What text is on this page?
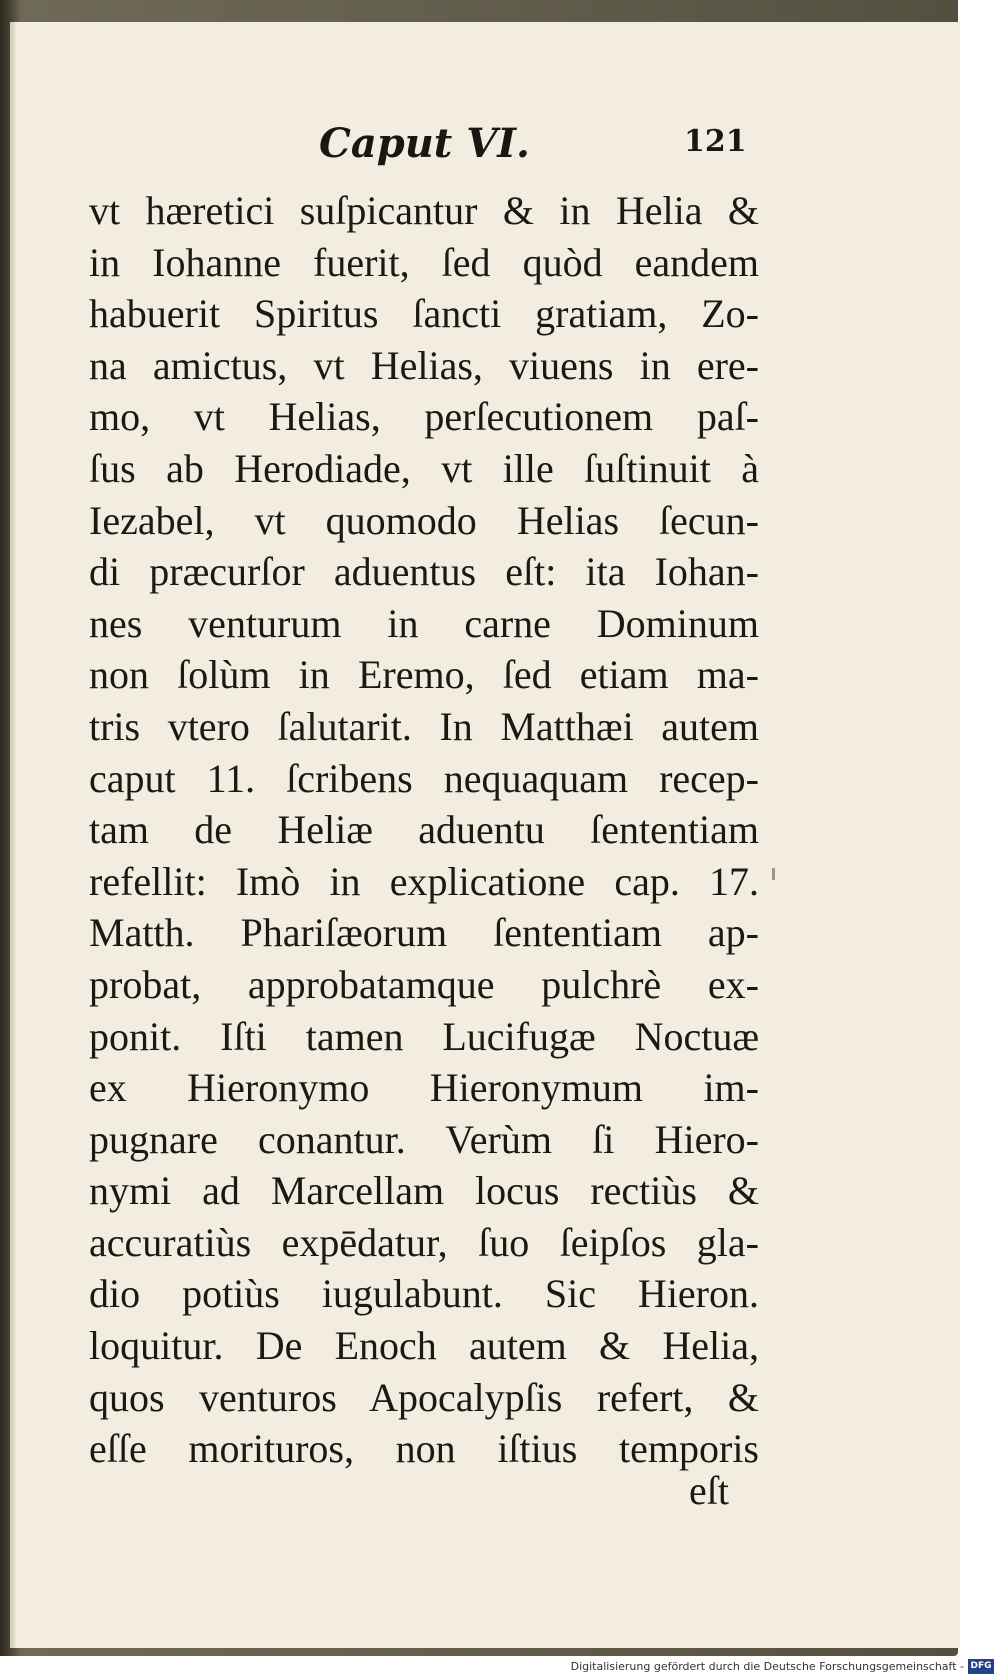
Caput VI.	121
vt hæretici suſpicantur & in Helia &
in Iohanne fuerit, ſed quòd eandem
habuerit Spiritus ſancti gratiam, Zo-
na amictus, vt Helias, viuens in ere-
mo, vt Helias, perſecutionem paſ-
ſus ab Herodiade, vt ille ſuſtinuit à
Iezabel, vt quomodo Helias ſecun-
di præcurſor aduentus eſt: ita Iohan-
nes venturum in carne Dominum
non ſolùm in Eremo, ſed etiam ma-
tris vtero ſalutarit. In Matthæi autem
caput 11. ſcribens nequaquam recep-
tam de Heliæ aduentu ſententiam
refellit: Imò in explicatione cap. 17.
Matth. Phariſæorum ſententiam ap-
probat, approbatamque pulchrè ex-
ponit. Iſti tamen Lucifugæ Noctuæ
ex Hieronymo Hieronymum im-
pugnare conantur. Verùm ſi Hiero-
nymi ad Marcellam locus rectiùs &
accuratiùs expēdatur, ſuo ſeipſos gla-
dio potiùs iugulabunt. Sic Hieron.
loquitur. De Enoch autem & Helia,
quos venturos Apocalypſis refert, &
eſſe morituros, non iſtius temporis
eſt
Digitalisierung gefördert durch die Deutsche Forschungsgemeinschaft - DFG
